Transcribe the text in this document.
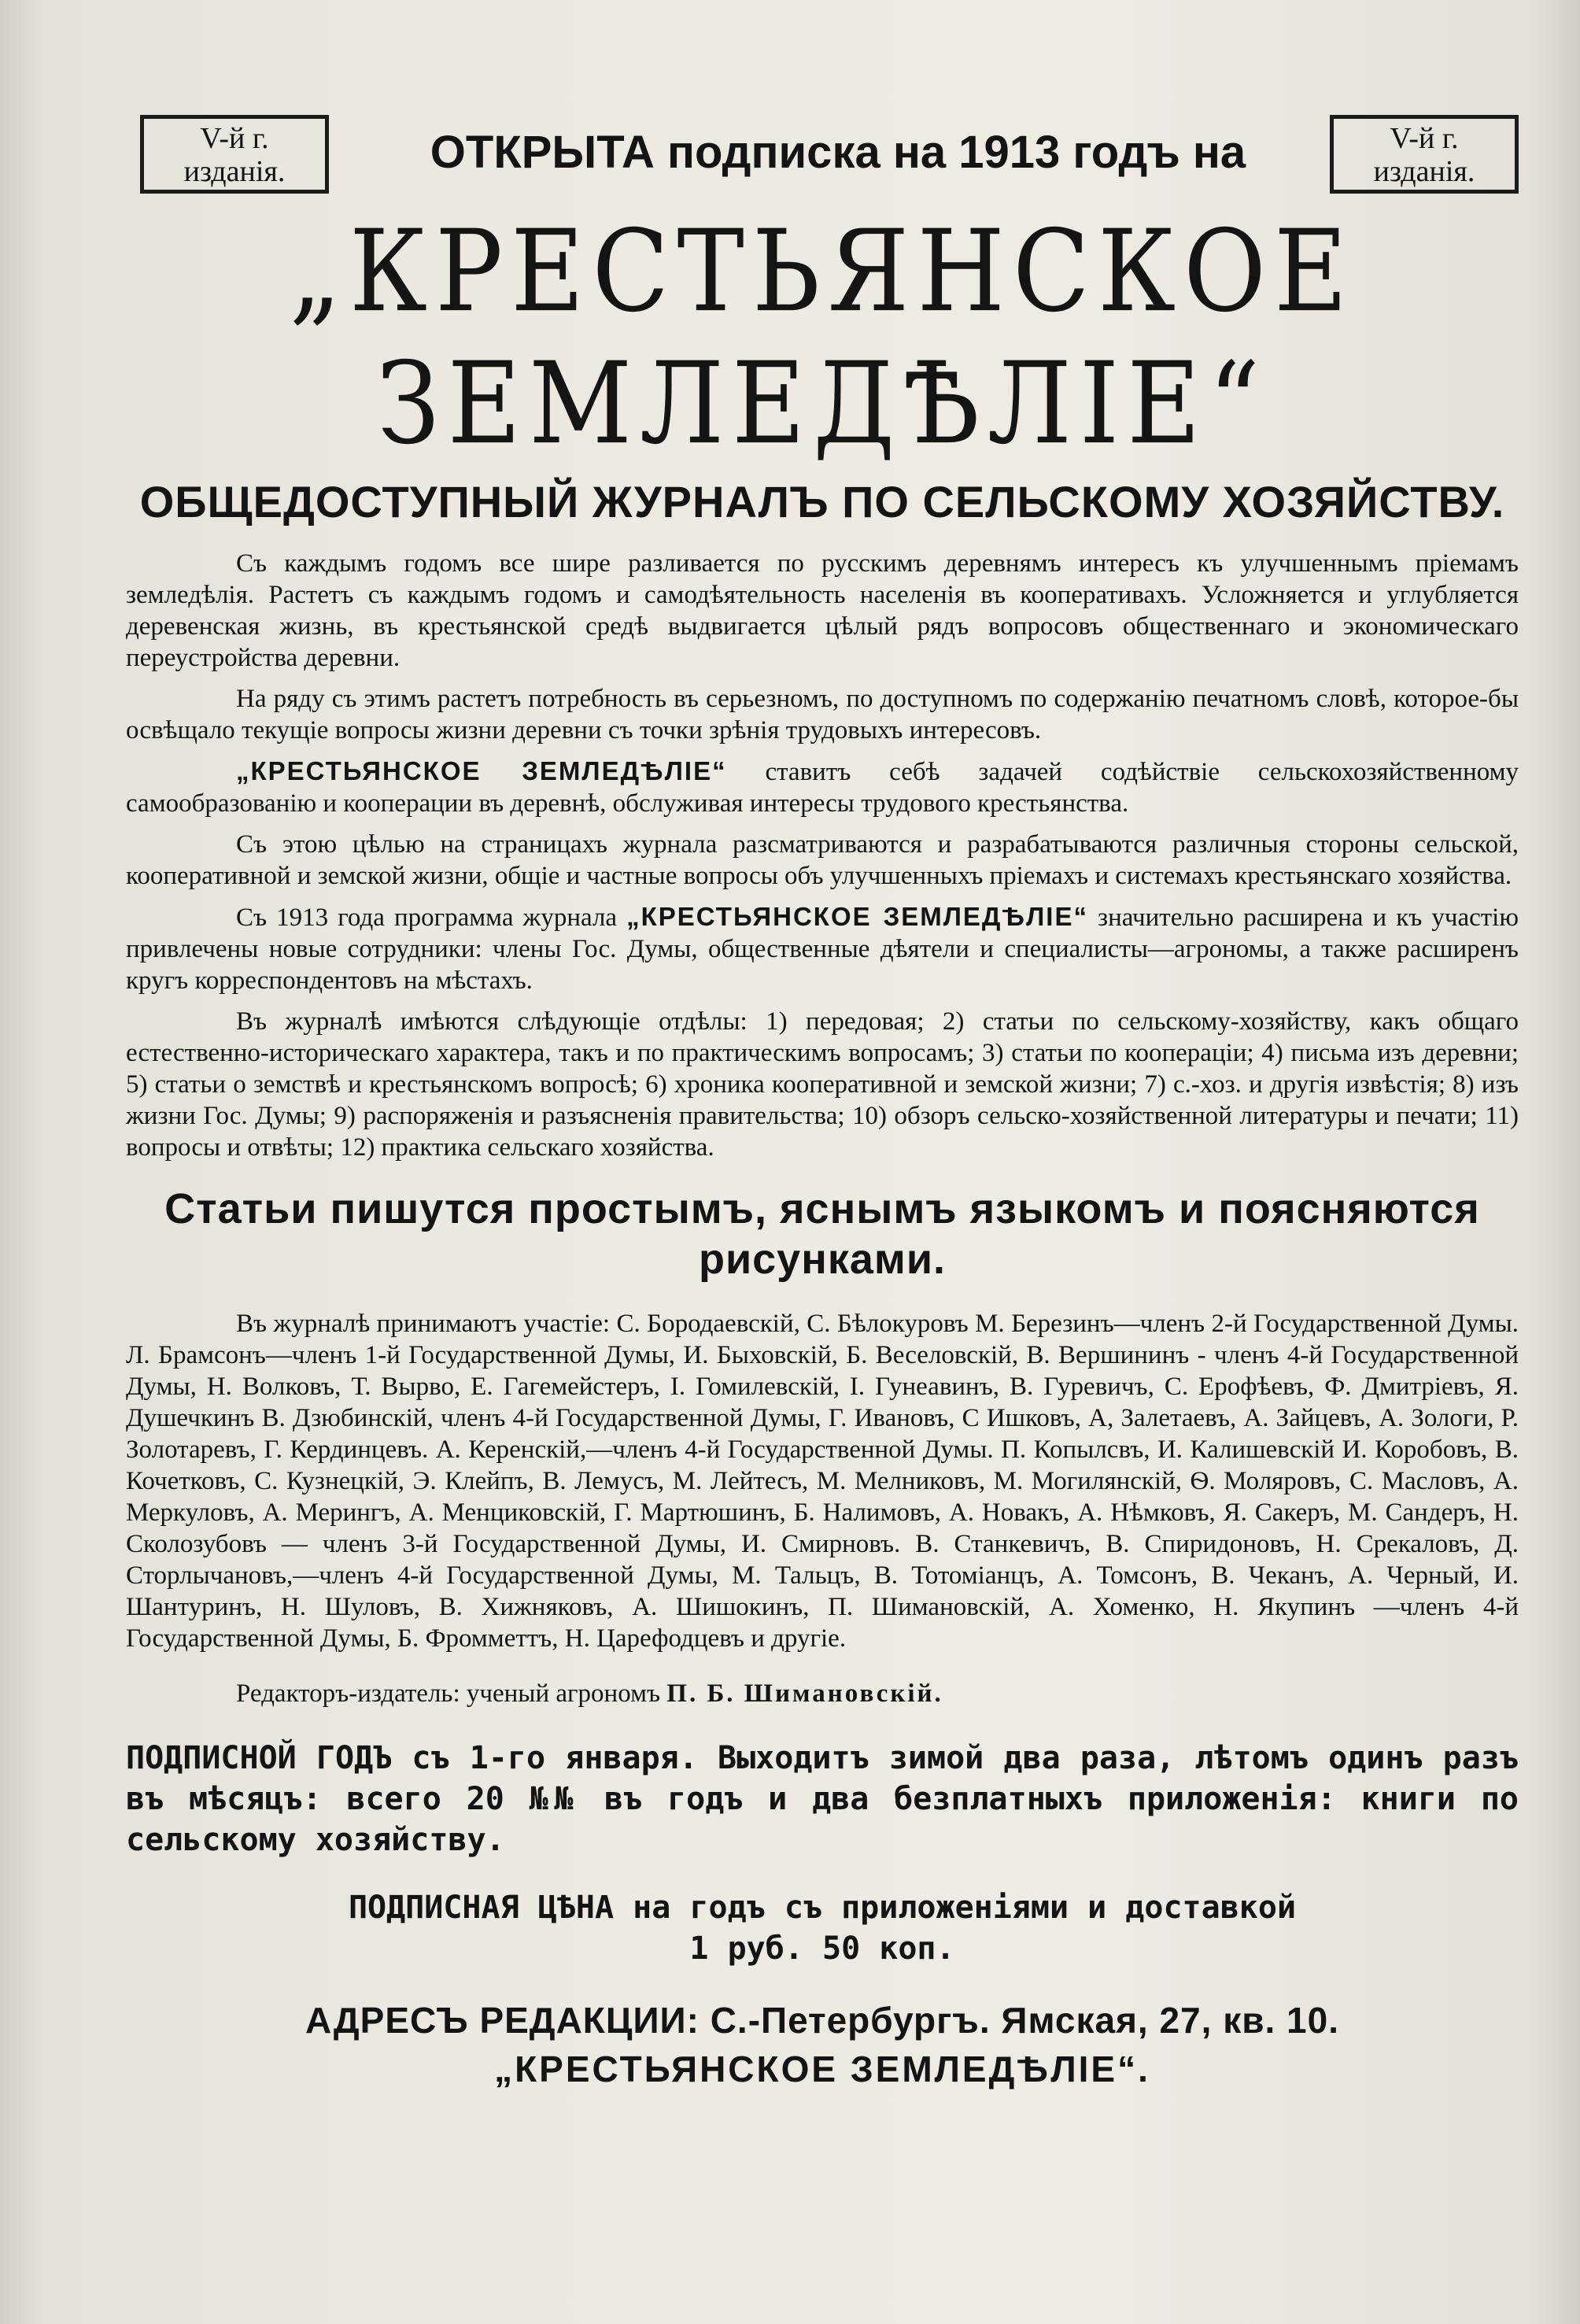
V-й г.
изданія.	ОТКРЫТА подписка на 1913 годъ на	V-й г.
изданія.
„КРЕСТЬЯНСКОЕ ЗЕМЛЕДѢЛІЕ“
ОБЩЕДОСТУПНЫЙ ЖУРНАЛЪ ПО СЕЛЬСКОМУ ХОЗЯЙСТВУ.

Съ каждымъ годомъ все шире разливается по русскимъ деревнямъ интересъ къ улучшеннымъ пріемамъ земледѣлія. Растетъ съ каждымъ годомъ и самодѣятельность населенія въ кооперативахъ. Усложняется и углубляется деревенская жизнь, въ крестьянской средѣ выдвигается цѣлый рядъ вопросовъ общественнаго и экономическаго переустройства деревни.

На ряду съ этимъ растетъ потребность въ серьезномъ, по доступномъ по содержанію печатномъ словѣ, которое-бы освѣщало текущіе вопросы жизни деревни съ точки зрѣнія трудовыхъ интересовъ.

„КРЕСТЬЯНСКОЕ ЗЕМЛЕДѢЛІЕ“ ставитъ себѣ задачей содѣйствіе сельскохозяйственному самообразованію и кооперации въ деревнѣ, обслуживая интересы трудового крестьянства.

Съ этою цѣлью на страницахъ журнала разсматриваются и разрабатываются различныя стороны сельской, кооперативной и земской жизни, общіе и частные вопросы объ улучшенныхъ пріемахъ и системахъ крестьянскаго хозяйства.

Съ 1913 года программа журнала „КРЕСТЬЯНСКОЕ ЗЕМЛЕДѢЛІЕ“ значительно расширена и къ участію привлечены новые сотрудники: члены Гос. Думы, общественные дѣятели и специалисты—агрономы, а также расширенъ кругъ корреспондентовъ на мѣстахъ.

Въ журналѣ имѣются слѣдующіе отдѣлы: 1) передовая; 2) статьи по сельскому-хозяйству, какъ общаго естественно-историческаго характера, такъ и по практическимъ вопросамъ; 3) статьи по коопераціи; 4) письма изъ деревни; 5) статьи о земствѣ и крестьянскомъ вопросѣ; 6) хроника кооперативной и земской жизни; 7) с.-хоз. и другія извѣстія; 8) изъ жизни Гос. Думы; 9) распоряженія и разъясненія правительства; 10) обзоръ сельско-хозяйственной литературы и печати; 11) вопросы и отвѣты; 12) практика сельскаго хозяйства.

Статьи пишутся простымъ, яснымъ языкомъ и поясняются рисунками.

Въ журналѣ принимаютъ участіе: С. Бородаевскій, С. Бѣлокуровъ М. Березинъ—членъ 2-й Государственной Думы. Л. Брамсонъ—членъ 1-й Государственной Думы, И. Быховскій, Б. Веселовскій, В. Вершининъ - членъ 4-й Государственной Думы, Н. Волковъ, Т. Вырво, Е. Гагемейстеръ, І. Гомилевскій, І. Гунеавинъ, В. Гуревичъ, С. Ерофѣевъ, Ф. Дмитріевъ, Я. Душечкинъ В. Дзюбинскій, членъ 4-й Государственной Думы, Г. Ивановъ, С Ишковъ, А, Залетаевъ, А. Зайцевъ, А. Зологи, Р. Золотаревъ, Г. Кердинцевъ. А. Керенскій,—членъ 4-й Государственной Думы. П. Копылсвъ, И. Калишевскій И. Коробовъ, В. Кочетковъ, С. Кузнецкій, Э. Клейпъ, В. Лемусъ, М. Лейтесъ, М. Мелниковъ, М. Могилянскій, Ѳ. Моляровъ, С. Масловъ, А. Меркуловъ, А. Мерингъ, А. Менциковскій, Г. Мартюшинъ, Б. Налимовъ, А. Новакъ, А. Нѣмковъ, Я. Сакеръ, М. Сандеръ, Н. Сколозубовъ — членъ 3-й Государственной Думы, И. Смирновъ. В. Станкевичъ, В. Спиридоновъ, Н. Срекаловъ, Д. Сторлычановъ,—членъ 4-й Государственной Думы, М. Тальцъ, В. Тотоміанцъ, А. Томсонъ, В. Чеканъ, А. Черный, И. Шантуринъ, Н. Шуловъ, В. Хижняковъ, А. Шишокинъ, П. Шимановскій, А. Хоменко, Н. Якупинъ —членъ 4-й Государственной Думы, Б. Фромметтъ, Н. Царефодцевъ и другіе.

Редакторъ-издатель: ученый агрономъ П. Б. Шимановскій.
ПОДПИСНОЙ ГОДЪ съ 1-го января. Выходитъ зимой два раза, лѣтомъ одинъ разъ въ мѣсяцъ: всего 20 №№ въ годъ и два безплатныхъ приложенія: книги по сельскому хозяйству.
ПОДПИСНАЯ ЦѢНА на годъ съ приложеніями и доставкой
1 руб. 50 коп.
АДРЕСЪ РЕДАКЦИИ: С.-Петербургъ. Ямская, 27, кв. 10.
„КРЕСТЬЯНСКОЕ ЗЕМЛЕДѢЛІЕ“.
